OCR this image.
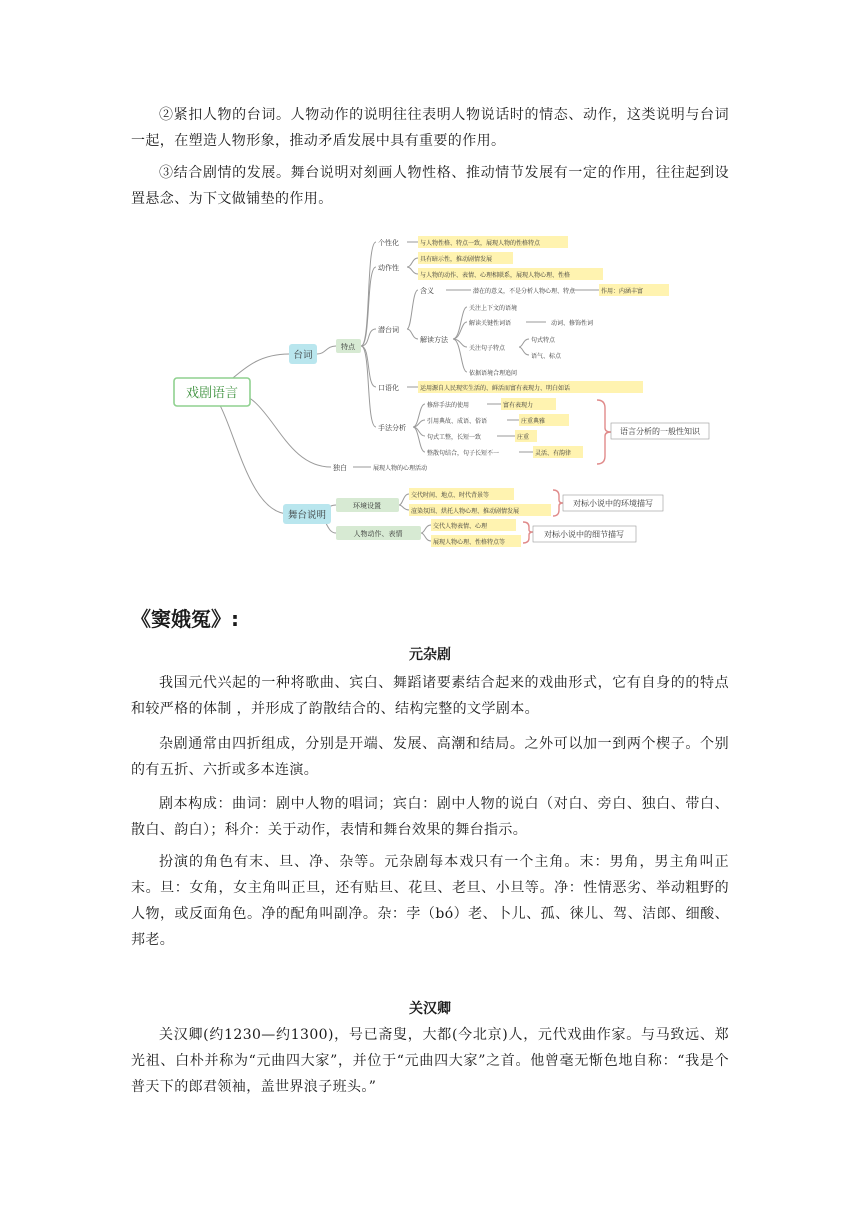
②紧扣人物的台词。人物动作的说明往往表明人物说话时的情态、动作，这类说明与台词一起，在塑造人物形象，推动矛盾发展中具有重要的作用。

③结合剧情的发展。舞台说明对刻画人物性格、推动情节发展有一定的作用，往往起到设置悬念、为下文做铺垫的作用。

戏剧语言
台词
舞台说明
特点
环境设置
人物动作、表情
个性化
动作性
潜台词
口语化
手法分析
独白
含义
解读方法
与人物性格、特点一致，展现人物的性格特点
具有暗示性，推动剧情发展
与人物的动作、表情、心理相联系，展现人物心理、性格
潜在的意义，不是分析人物心理、特点	作用：内涵丰富
关注上下文的语境
解读关键性词语	动词、修饰性词
关注句子特点
句式特点
语气、标点
依据语境合理追问
运用源自人民现实生活的、鲜活而富有表现力、明白如话
修辞手法的使用	富有表现力
引用典故、成语、俗语	庄重典雅
句式工整，长短一致	庄重
整散句结合，句子长短不一	灵活、有韵律
展现人物的心理活动
交代时间、地点、时代背景等
渲染氛围、烘托人物心理、推动剧情发展
交代人物表情、心理
展现人物心理、性格特点等
语言分析的一般性知识
对标小说中的环境描写
对标小说中的细节描写
《窦娥冤》:
元杂剧

我国元代兴起的一种将歌曲、宾白、舞蹈诸要素结合起来的戏曲形式，它有自身的的特点和较严格的体制 ，并形成了韵散结合的、结构完整的文学剧本。

杂剧通常由四折组成，分别是开端、发展、高潮和结局。之外可以加一到两个楔子。个别的有五折、六折或多本连演。

剧本构成：曲词：剧中人物的唱词；宾白：剧中人物的说白（对白、旁白、独白、带白、散白、韵白）；科介：关于动作，表情和舞台效果的舞台指示。

扮演的角色有末、旦、净、杂等。元杂剧每本戏只有一个主角。末：男角，男主角叫正末。旦：女角，女主角叫正旦，还有贴旦、花旦、老旦、小旦等。净：性情恶劣、举动粗野的人物，或反面角色。净的配角叫副净。杂：孛（bó）老、卜儿、孤、徕儿、驾、洁郎、细酸、邦老。

关汉卿

关汉卿(约1230—约1300)，号已斋叟，大都(今北京)人，元代戏曲作家。与马致远、郑光祖、白朴并称为“元曲四大家”，并位于“元曲四大家”之首。他曾毫无惭色地自称：“我是个普天下的郎君领袖，盖世界浪子班头。”
